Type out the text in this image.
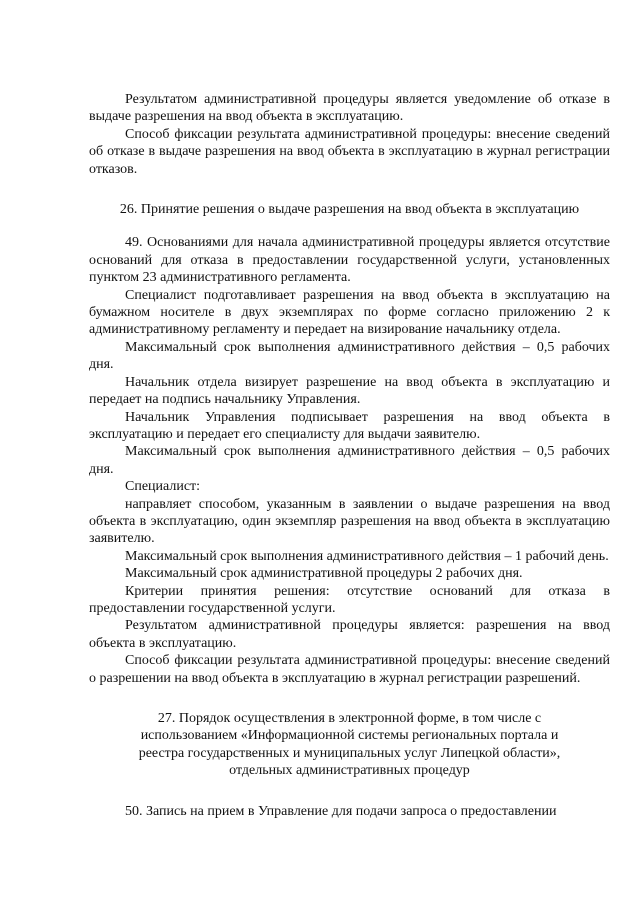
Результатом административной процедуры является уведомление об отказе в выдаче разрешения на ввод объекта в эксплуатацию.

Способ фиксации результата административной процедуры: внесение сведений об отказе в выдаче разрешения на ввод объекта в эксплуатацию в журнал регистрации отказов.

26. Принятие решения о выдаче разрешения на ввод объекта в эксплуатацию

49. Основаниями для начала административной процедуры является отсутствие оснований для отказа в предоставлении государственной услуги, установленных пунктом 23 административного регламента.

Специалист подготавливает разрешения на ввод объекта в эксплуатацию на бумажном носителе в двух экземплярах по форме согласно приложению 2 к административному регламенту и передает на визирование начальнику отдела.

Максимальный срок выполнения административного действия – 0,5 рабочих дня.

Начальник отдела визирует разрешение на ввод объекта в эксплуатацию и передает на подпись начальнику Управления.

Начальник Управления подписывает разрешения на ввод объекта в эксплуатацию и передает его специалисту для выдачи заявителю.

Максимальный срок выполнения административного действия – 0,5 рабочих дня.

Специалист:

направляет способом, указанным в заявлении о выдаче разрешения на ввод объекта в эксплуатацию, один экземпляр разрешения на ввод объекта в эксплуатацию заявителю.

Максимальный срок выполнения административного действия – 1 рабочий день.

Максимальный срок административной процедуры 2 рабочих дня.

Критерии принятия решения: отсутствие оснований для отказа в предоставлении государственной услуги.

Результатом административной процедуры является: разрешения на ввод объекта в эксплуатацию.

Способ фиксации результата административной процедуры: внесение сведений о разрешении на ввод объекта в эксплуатацию в журнал регистрации разрешений.

27. Порядок осуществления в электронной форме, в том числе с

использованием «Информационной системы региональных портала и

реестра государственных и муниципальных услуг Липецкой области»,

отдельных административных процедур

50. Запись на прием в Управление для подачи запроса о предоставлении
